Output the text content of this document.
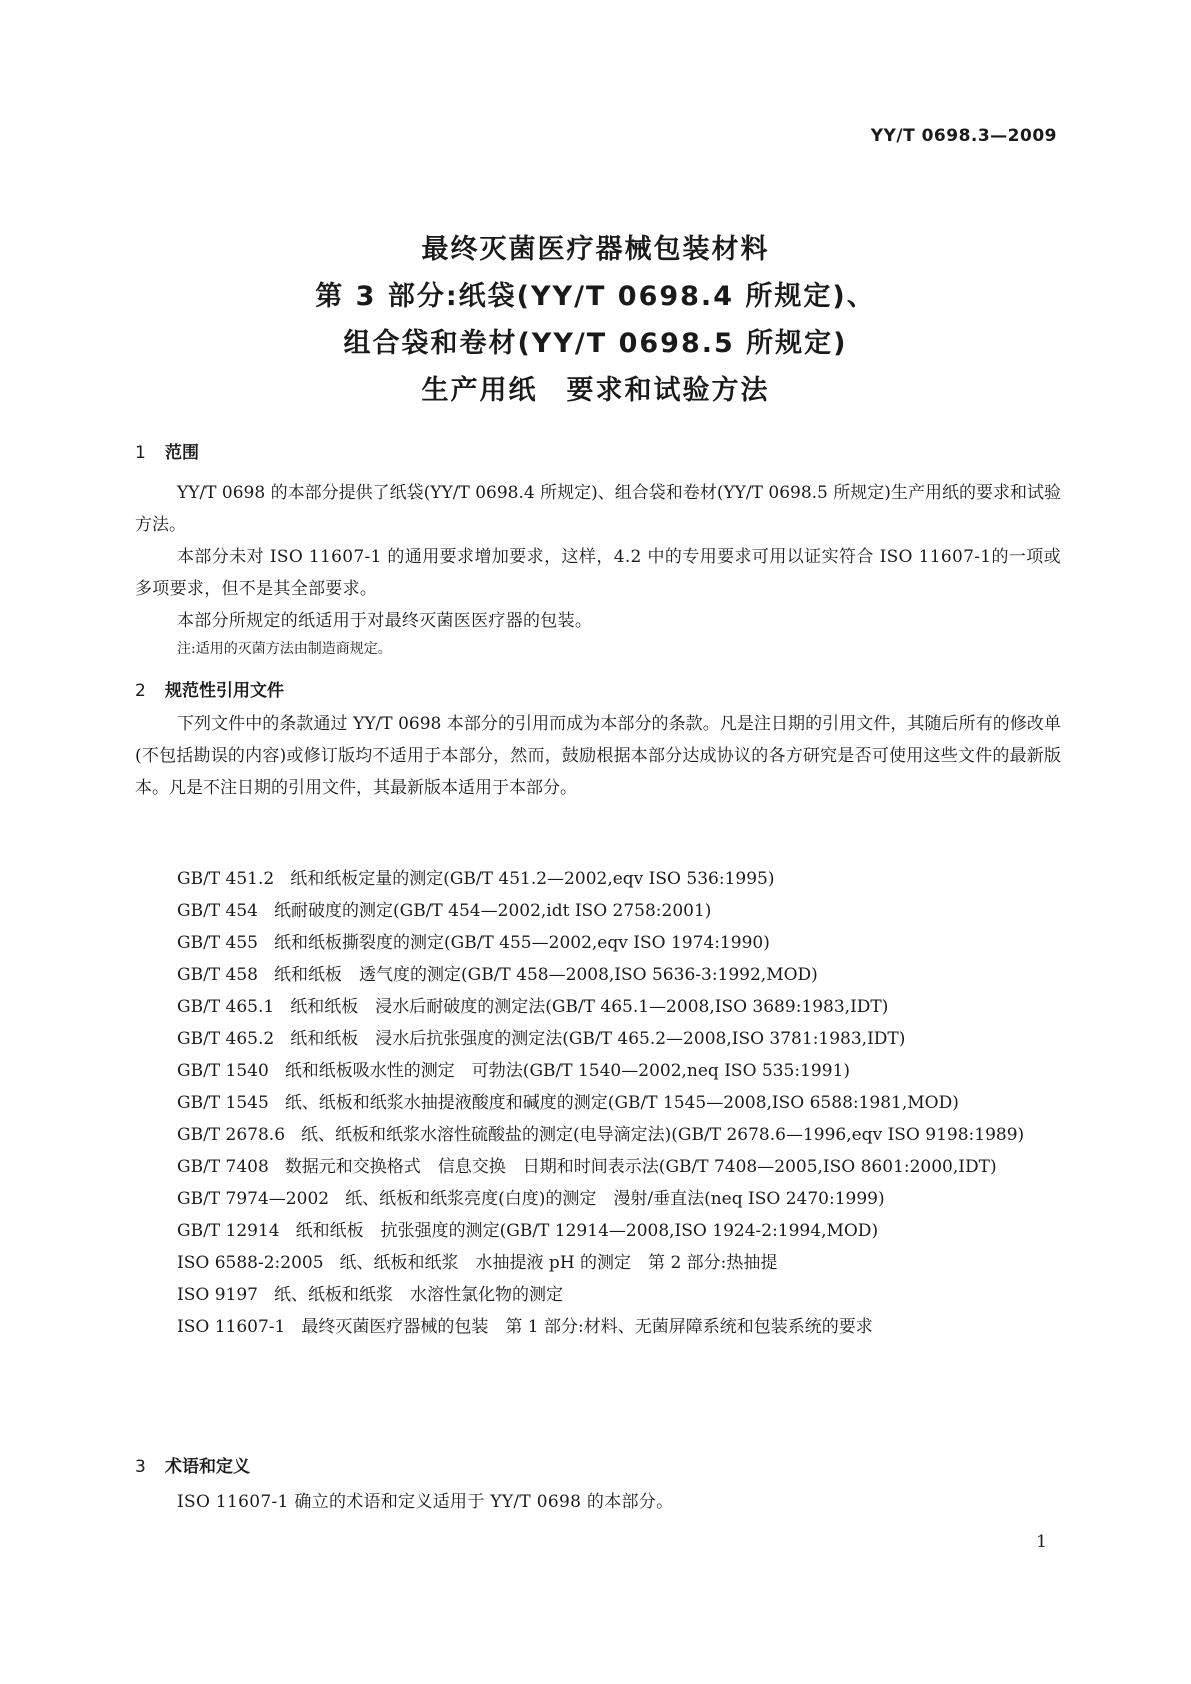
YY/T 0698.3—2009
最终灭菌医疗器械包装材料
第 3 部分:纸袋(YY/T 0698.4 所规定)、
组合袋和卷材(YY/T 0698.5 所规定)
生产用纸　要求和试验方法
1 范围
YY/T 0698 的本部分提供了纸袋(YY/T 0698.4 所规定)、组合袋和卷材(YY/T 0698.5 所规定)生产用纸的要求和试验方法。
本部分未对 ISO 11607-1 的通用要求增加要求，这样，4.2 中的专用要求可用以证实符合 ISO 11607-1的一项或多项要求，但不是其全部要求。
本部分所规定的纸适用于对最终灭菌医医疗器的包装。
注:适用的灭菌方法由制造商规定。
2 规范性引用文件
下列文件中的条款通过 YY/T 0698 本部分的引用而成为本部分的条款。凡是注日期的引用文件，其随后所有的修改单(不包括勘误的内容)或修订版均不适用于本部分，然而，鼓励根据本部分达成协议的各方研究是否可使用这些文件的最新版本。凡是不注日期的引用文件，其最新版本适用于本部分。
GB/T 451.2 纸和纸板定量的测定(GB/T 451.2—2002,eqv ISO 536:1995)
GB/T 454 纸耐破度的测定(GB/T 454—2002,idt ISO 2758:2001)
GB/T 455 纸和纸板撕裂度的测定(GB/T 455—2002,eqv ISO 1974:1990)
GB/T 458 纸和纸板　透气度的测定(GB/T 458—2008,ISO 5636-3:1992,MOD)
GB/T 465.1 纸和纸板　浸水后耐破度的测定法(GB/T 465.1—2008,ISO 3689:1983,IDT)
GB/T 465.2 纸和纸板　浸水后抗张强度的测定法(GB/T 465.2—2008,ISO 3781:1983,IDT)
GB/T 1540 纸和纸板吸水性的测定　可勃法(GB/T 1540—2002,neq ISO 535:1991)
GB/T 1545 纸、纸板和纸浆水抽提液酸度和碱度的测定(GB/T 1545—2008,ISO 6588:1981,MOD)
GB/T 2678.6 纸、纸板和纸浆水溶性硫酸盐的测定(电导滴定法)(GB/T 2678.6—1996,eqv ISO 9198:1989)
GB/T 7408 数据元和交换格式　信息交换　日期和时间表示法(GB/T 7408—2005,ISO 8601:2000,IDT)
GB/T 7974—2002 纸、纸板和纸浆亮度(白度)的测定　漫射/垂直法(neq ISO 2470:1999)
GB/T 12914 纸和纸板　抗张强度的测定(GB/T 12914—2008,ISO 1924-2:1994,MOD)
ISO 6588-2:2005 纸、纸板和纸浆　水抽提液 pH 的测定　第 2 部分:热抽提
ISO 9197 纸、纸板和纸浆　水溶性氯化物的测定
ISO 11607-1 最终灭菌医疗器械的包装　第 1 部分:材料、无菌屏障系统和包装系统的要求
3 术语和定义
ISO 11607-1 确立的术语和定义适用于 YY/T 0698 的本部分。
1
